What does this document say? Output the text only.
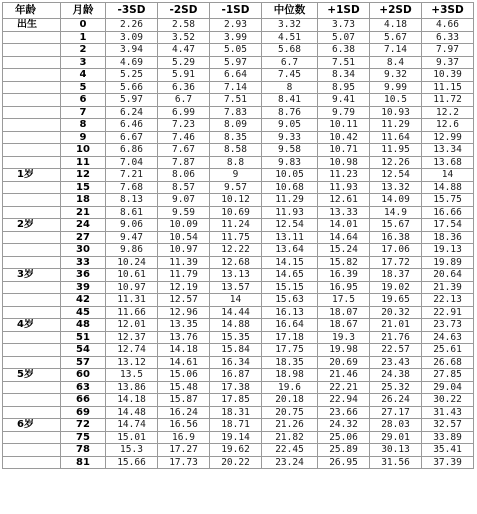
年龄	月龄	-3SD	-2SD	-1SD	中位数	+1SD	+2SD	+3SD
出生	0	2.26	2.58	2.93	3.32	3.73	4.18	4.66
	1	3.09	3.52	3.99	4.51	5.07	5.67	6.33
	2	3.94	4.47	5.05	5.68	6.38	7.14	7.97
	3	4.69	5.29	5.97	6.7	7.51	8.4	9.37
	4	5.25	5.91	6.64	7.45	8.34	9.32	10.39
	5	5.66	6.36	7.14	8	8.95	9.99	11.15
	6	5.97	6.7	7.51	8.41	9.41	10.5	11.72
	7	6.24	6.99	7.83	8.76	9.79	10.93	12.2
	8	6.46	7.23	8.09	9.05	10.11	11.29	12.6
	9	6.67	7.46	8.35	9.33	10.42	11.64	12.99
	10	6.86	7.67	8.58	9.58	10.71	11.95	13.34
	11	7.04	7.87	8.8	9.83	10.98	12.26	13.68
1岁	12	7.21	8.06	9	10.05	11.23	12.54	14
	15	7.68	8.57	9.57	10.68	11.93	13.32	14.88
	18	8.13	9.07	10.12	11.29	12.61	14.09	15.75
	21	8.61	9.59	10.69	11.93	13.33	14.9	16.66
2岁	24	9.06	10.09	11.24	12.54	14.01	15.67	17.54
	27	9.47	10.54	11.75	13.11	14.64	16.38	18.36
	30	9.86	10.97	12.22	13.64	15.24	17.06	19.13
	33	10.24	11.39	12.68	14.15	15.82	17.72	19.89
3岁	36	10.61	11.79	13.13	14.65	16.39	18.37	20.64
	39	10.97	12.19	13.57	15.15	16.95	19.02	21.39
	42	11.31	12.57	14	15.63	17.5	19.65	22.13
	45	11.66	12.96	14.44	16.13	18.07	20.32	22.91
4岁	48	12.01	13.35	14.88	16.64	18.67	21.01	23.73
	51	12.37	13.76	15.35	17.18	19.3	21.76	24.63
	54	12.74	14.18	15.84	17.75	19.98	22.57	25.61
	57	13.12	14.61	16.34	18.35	20.69	23.43	26.68
5岁	60	13.5	15.06	16.87	18.98	21.46	24.38	27.85
	63	13.86	15.48	17.38	19.6	22.21	25.32	29.04
	66	14.18	15.87	17.85	20.18	22.94	26.24	30.22
	69	14.48	16.24	18.31	20.75	23.66	27.17	31.43
6岁	72	14.74	16.56	18.71	21.26	24.32	28.03	32.57
	75	15.01	16.9	19.14	21.82	25.06	29.01	33.89
	78	15.3	17.27	19.62	22.45	25.89	30.13	35.41
	81	15.66	17.73	20.22	23.24	26.95	31.56	37.39
